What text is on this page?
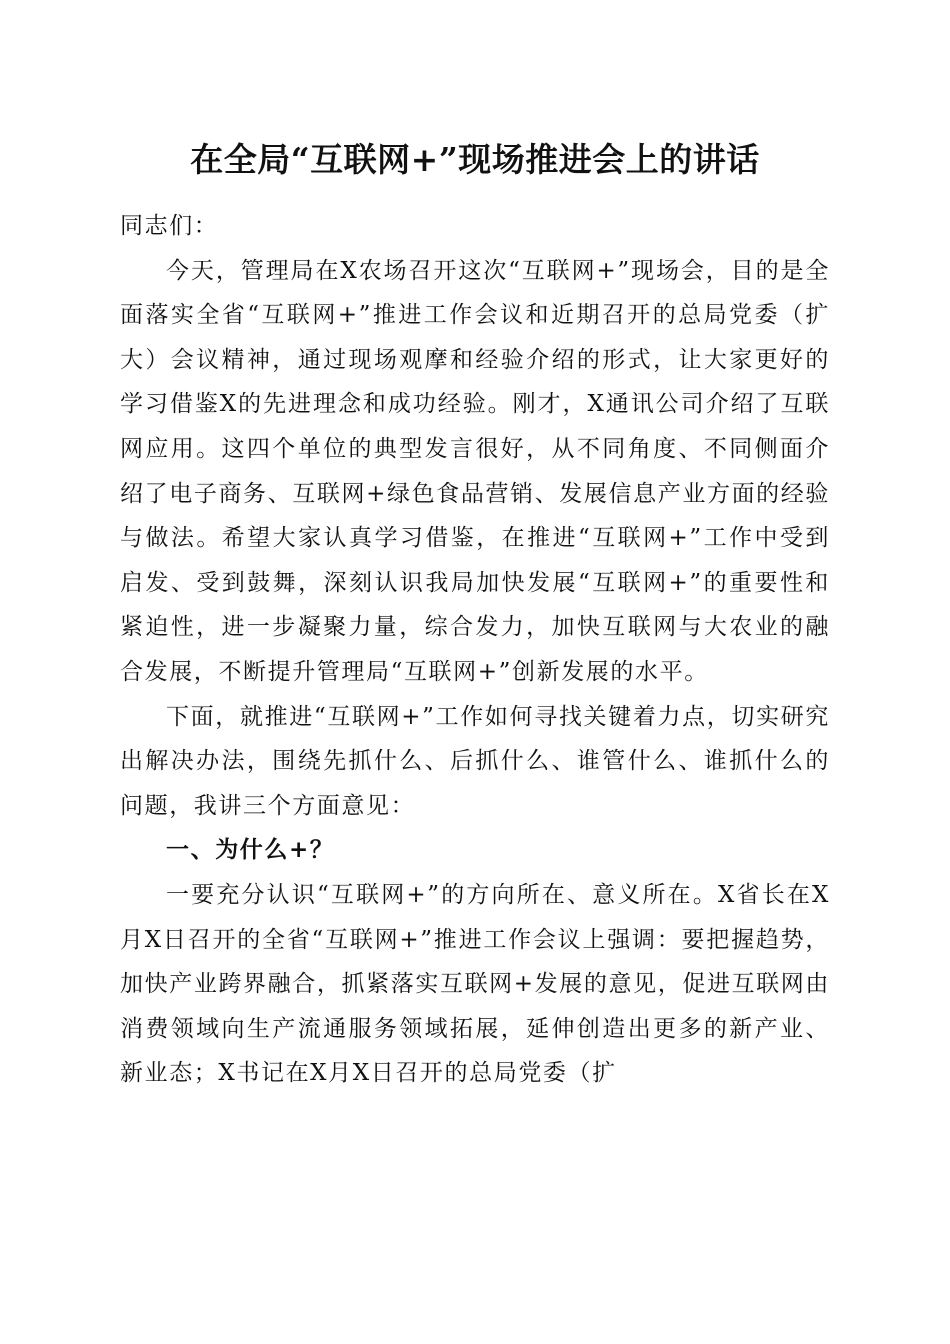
在全局“互联网+”现场推进会上的讲话

同志们：

今天，管理局在X农场召开这次“互联网+”现场会，目的是全面落实全省“互联网+”推进工作会议和近期召开的总局党委（扩大）会议精神，通过现场观摩和经验介绍的形式，让大家更好的学习借鉴X的先进理念和成功经验。刚才，X通讯公司介绍了互联网应用。这四个单位的典型发言很好，从不同角度、不同侧面介绍了电子商务、互联网+绿色食品营销、发展信息产业方面的经验与做法。希望大家认真学习借鉴，在推进“互联网+”工作中受到启发、受到鼓舞，深刻认识我局加快发展“互联网+”的重要性和紧迫性，进一步凝聚力量，综合发力，加快互联网与大农业的融合发展，不断提升管理局“互联网+”创新发展的水平。

下面，就推进“互联网+”工作如何寻找关键着力点，切实研究出解决办法，围绕先抓什么、后抓什么、谁管什么、谁抓什么的问题，我讲三个方面意见：

一、为什么+？

一要充分认识“互联网+”的方向所在、意义所在。X省长在X月X日召开的全省“互联网+”推进工作会议上强调：要把握趋势，加快产业跨界融合，抓紧落实互联网+发展的意见，促进互联网由消费领域向生产流通服务领域拓展，延伸创造出更多的新产业、新业态；X书记在X月X日召开的总局党委（扩
